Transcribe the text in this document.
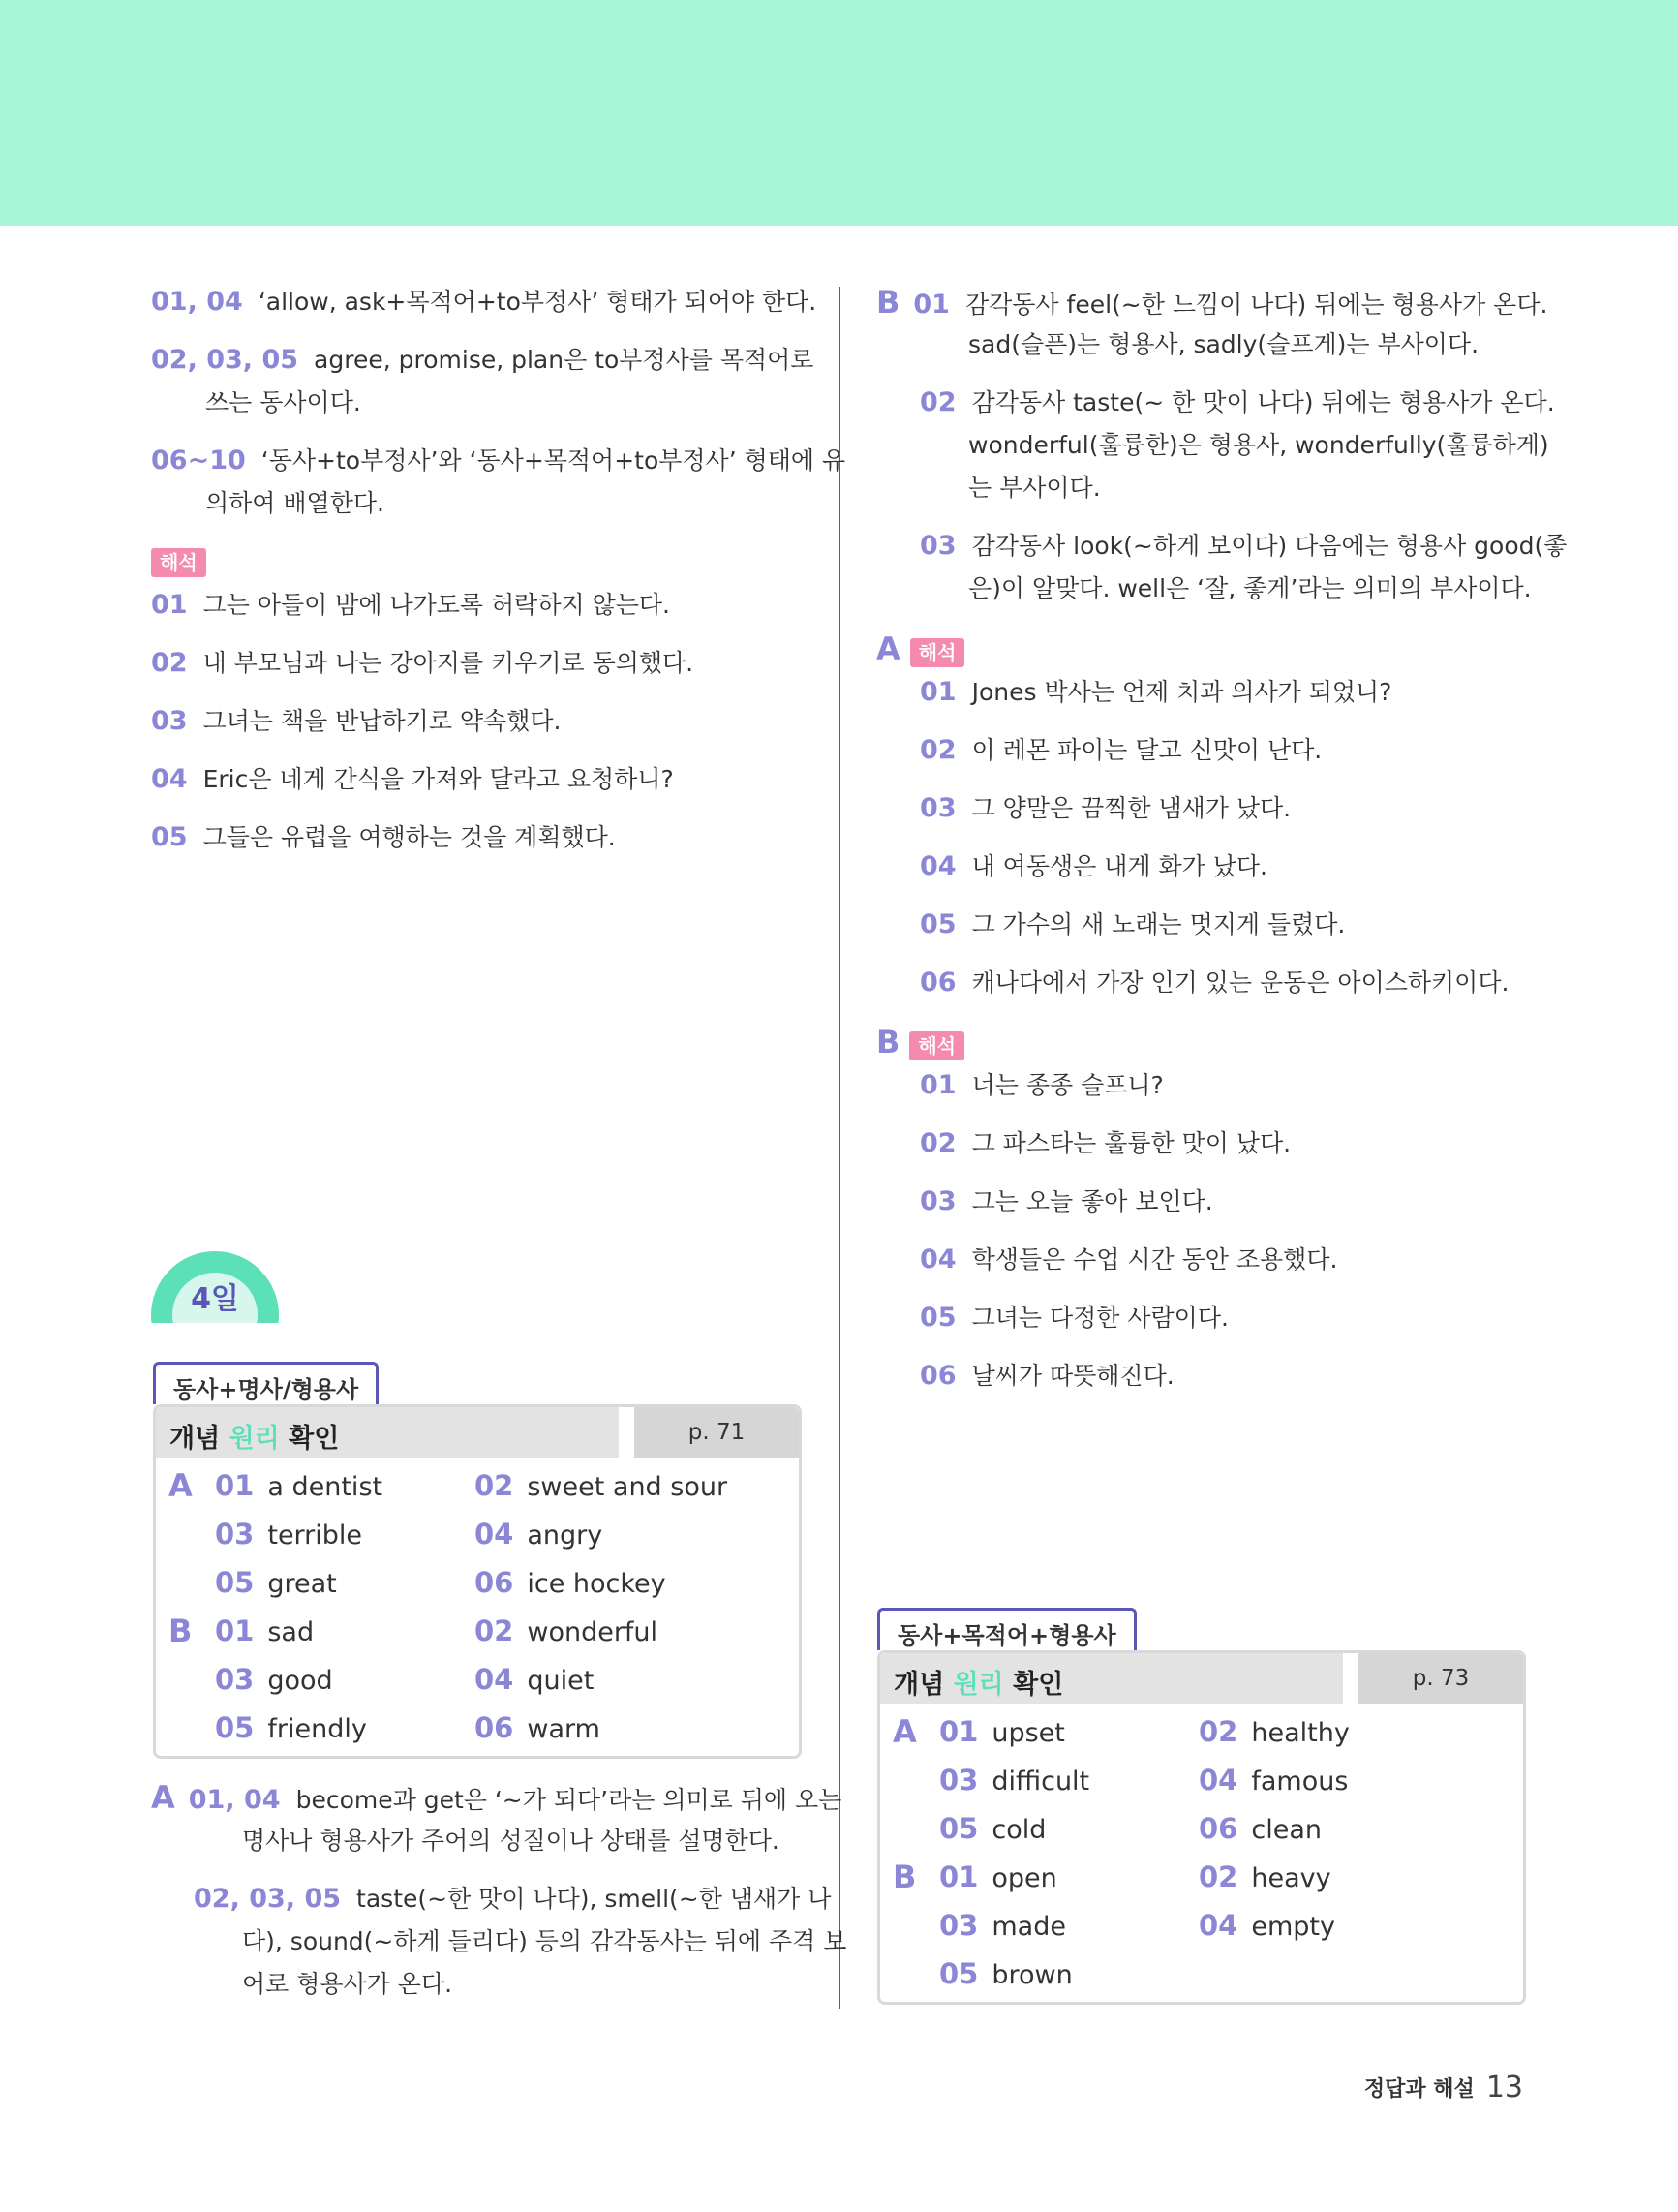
01, 04 ‘allow, ask+목적어+to부정사’ 형태가 되어야 한다.
02, 03, 05 agree, promise, plan은 to부정사를 목적어로
쓰는 동사이다.
06~10 ‘동사+to부정사’와 ‘동사+목적어+to부정사’ 형태에 유
의하여 배열한다.
해석
01 그는 아들이 밤에 나가도록 허락하지 않는다.
02 내 부모님과 나는 강아지를 키우기로 동의했다.
03 그녀는 책을 반납하기로 약속했다.
04 Eric은 네게 간식을 가져와 달라고 요청하니?
05 그들은 유럽을 여행하는 것을 계획했다.
4일
동사+명사/형용사
개념 원리 확인	p. 71
A 01 a dentist	02 sweet and sour
03 terrible	04 angry
05 great	06 ice hockey
B 01 sad	02 wonderful
03 good	04 quiet
05 friendly	06 warm
A 01, 04 become과 get은 ‘~가 되다’라는 의미로 뒤에 오는
명사나 형용사가 주어의 성질이나 상태를 설명한다.
02, 03, 05 taste(~한 맛이 나다), smell(~한 냄새가 나
다), sound(~하게 들리다) 등의 감각동사는 뒤에 주격 보
어로 형용사가 온다.
B 01 감각동사 feel(~한 느낌이 나다) 뒤에는 형용사가 온다.
sad(슬픈)는 형용사, sadly(슬프게)는 부사이다.
02 감각동사 taste(~ 한 맛이 나다) 뒤에는 형용사가 온다.
wonderful(훌륭한)은 형용사, wonderfully(훌륭하게)
는 부사이다.
03 감각동사 look(~하게 보이다) 다음에는 형용사 good(좋
은)이 알맞다. well은 ‘잘, 좋게’라는 의미의 부사이다.
A 해석
01 Jones 박사는 언제 치과 의사가 되었니?
02 이 레몬 파이는 달고 신맛이 난다.
03 그 양말은 끔찍한 냄새가 났다.
04 내 여동생은 내게 화가 났다.
05 그 가수의 새 노래는 멋지게 들렸다.
06 캐나다에서 가장 인기 있는 운동은 아이스하키이다.
B 해석
01 너는 종종 슬프니?
02 그 파스타는 훌륭한 맛이 났다.
03 그는 오늘 좋아 보인다.
04 학생들은 수업 시간 동안 조용했다.
05 그녀는 다정한 사람이다.
06 날씨가 따뜻해진다.
동사+목적어+형용사
개념 원리 확인	p. 73
A 01 upset	02 healthy
03 difficult	04 famous
05 cold	06 clean
B 01 open	02 heavy
03 made	04 empty
05 brown
정답과 해설 13
